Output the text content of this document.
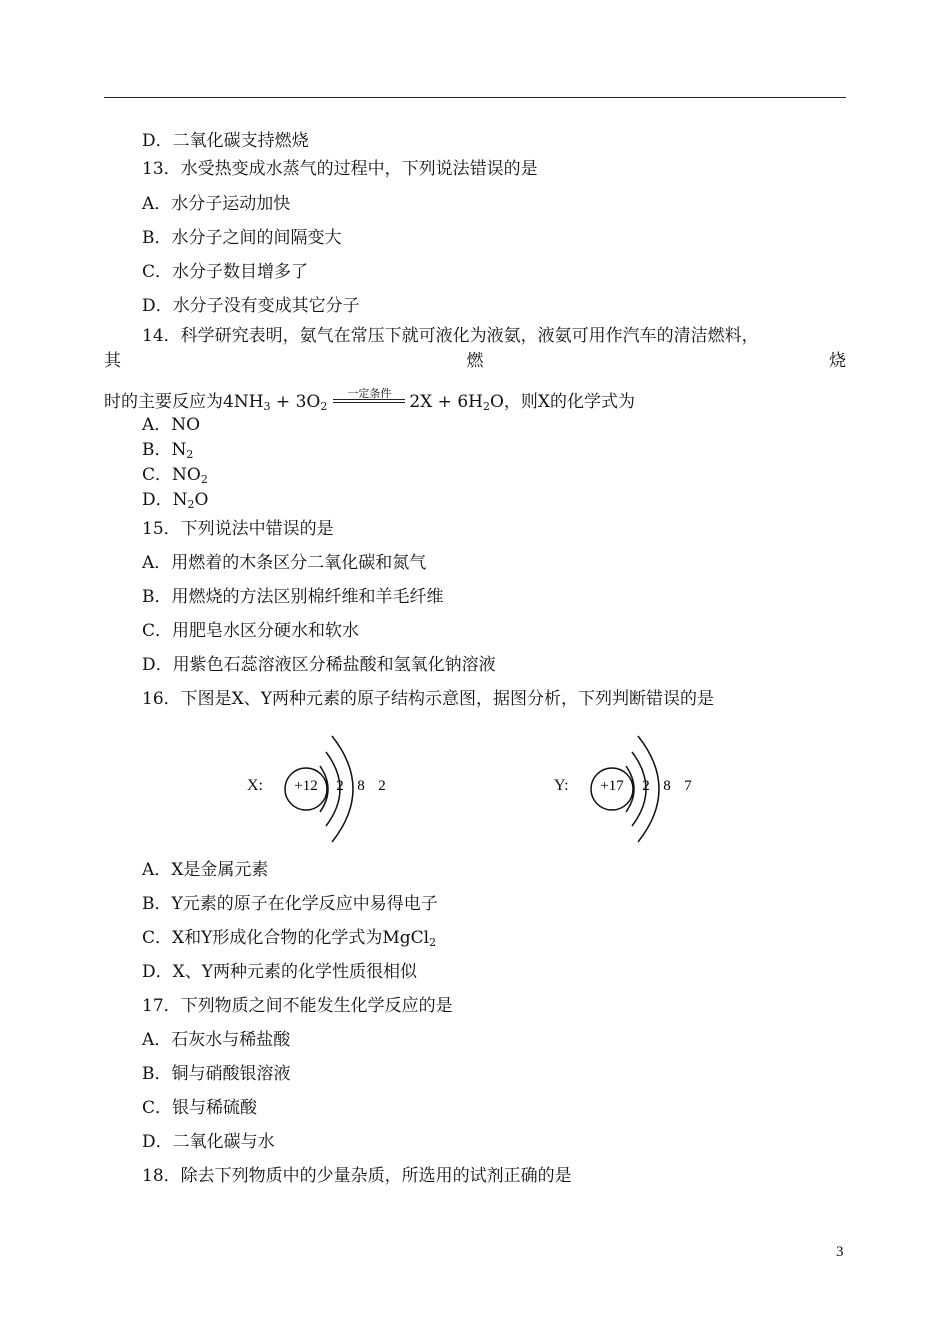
D．二氧化碳支持燃烧
13．水受热变成水蒸气的过程中，下列说法错误的是
A．水分子运动加快
B．水分子之间的间隔变大
C．水分子数目增多了
D．水分子没有变成其它分子
14．科学研究表明，氨气在常压下就可液化为液氨，液氨可用作汽车的清洁燃料，
其	燃	烧
时的主要反应为$4NH_3 + 3O_2$
一定条件	$2X + 6H_2O$，则X的化学式为
A．NO
B．$N_2$
C．$NO_2$
D．$N_2O$
15．下列说法中错误的是
A．用燃着的木条区分二氧化碳和氮气
B．用燃烧的方法区别棉纤维和羊毛纤维
C．用肥皂水区分硬水和软水
D．用紫色石蕊溶液区分稀盐酸和氢氧化钠溶液
16．下图是X、Y两种元素的原子结构示意图，据图分析，下列判断错误的是
X: +12 2 8 2	Y: +17 2 8 7
A．X是金属元素
B．Y元素的原子在化学反应中易得电子
C．X和Y形成化合物的化学式为MgCl$_2$
D．X、Y两种元素的化学性质很相似
17．下列物质之间不能发生化学反应的是
A．石灰水与稀盐酸
B．铜与硝酸银溶液
C．银与稀硫酸
D．二氧化碳与水
18．除去下列物质中的少量杂质，所选用的试剂正确的是
3
